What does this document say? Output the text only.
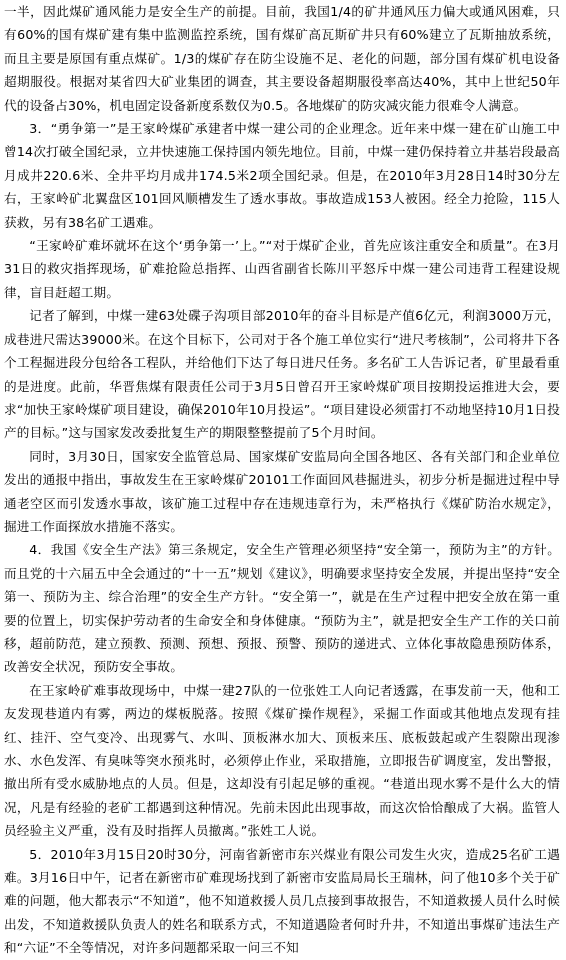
一半，因此煤矿通风能力是安全生产的前提。目前，我国1/4的矿井通风压力偏大或通风困难，只有60%的国有煤矿建有集中监测监控系统，国有煤矿高瓦斯矿井只有60%建立了瓦斯抽放系统，而且主要是原国有重点煤矿。1/3的煤矿存在防尘设施不足、老化的问题，部分国有煤矿机电设备超期服役。根据对某省四大矿业集团的调查，其主要设备超期服役率高达40%，其中上世纪50年代的设备占30%，机电固定设备新度系数仅为0.5。各地煤矿的防灾减灾能力很难令人满意。

3．“勇争第一”是王家岭煤矿承建者中煤一建公司的企业理念。近年来中煤一建在矿山施工中曾14次打破全国纪录，立井快速施工保持国内领先地位。目前，中煤一建仍保持着立井基岩段最高月成井220.6米、全井平均月成井174.5米2项全国纪录。但是，在2010年3月28日14时30分左右，王家岭矿北翼盘区101回风顺槽发生了透水事故。事故造成153人被困。经全力抢险，115人获救，另有38名矿工遇难。

“王家岭矿难坏就坏在这个‘勇争第一’上。”“对于煤矿企业，首先应该注重安全和质量”。在3月31日的救灾指挥现场，矿难抢险总指挥、山西省副省长陈川平怒斥中煤一建公司违背工程建设规律，盲目赶超工期。

记者了解到，中煤一建63处碟子沟项目部2010年的奋斗目标是产值6亿元，利润3000万元，成巷进尺需达39000米。在这个目标下，公司对于各个施工单位实行“进尺考核制”，公司将井下各个工程掘进段分包给各工程队，并给他们下达了每日进尺任务。多名矿工人告诉记者，矿里最看重的是进度。此前，华晋焦煤有限责任公司于3月5日曾召开王家岭煤矿项目按期投运推进大会，要求“加快王家岭煤矿项目建设，确保2010年10月投运”。“项目建设必须雷打不动地坚持10月1日投产的目标。”这与国家发改委批复生产的期限整整提前了5个月时间。

同时，3月30日，国家安全监管总局、国家煤矿安监局向全国各地区、各有关部门和企业单位发出的通报中指出，事故发生在王家岭煤矿20101工作面回风巷掘进头，初步分析是掘进过程中导通老空区而引发透水事故，该矿施工过程中存在违规违章行为，未严格执行《煤矿防治水规定》，掘进工作面探放水措施不落实。

4．我国《安全生产法》第三条规定，安全生产管理必须坚持“安全第一，预防为主”的方针。而且党的十六届五中全会通过的“十一五”规划《建议》，明确要求坚持安全发展，并提出坚持“安全第一、预防为主、综合治理”的安全生产方针。“安全第一”，就是在生产过程中把安全放在第一重要的位置上，切实保护劳动者的生命安全和身体健康。“预防为主”，就是把安全生产工作的关口前移，超前防范，建立预教、预测、预想、预报、预警、预防的递进式、立体化事故隐患预防体系，改善安全状况，预防安全事故。

在王家岭矿难事故现场中，中煤一建27队的一位张姓工人向记者透露，在事发前一天，他和工友发现巷道内有雾，两边的煤板脱落。按照《煤矿操作规程》，采掘工作面或其他地点发现有挂红、挂汗、空气变冷、出现雾气、水叫、顶板淋水加大、顶板来压、底板鼓起或产生裂隙出现渗水、水色发浑、有臭味等突水预兆时，必须停止作业，采取措施，立即报告矿调度室，发出警报，撤出所有受水威胁地点的人员。但是，这却没有引起足够的重视。“巷道出现水雾不是什么大的情况，凡是有经验的老矿工都遇到这种情况。先前未因此出现事故，而这次恰恰酿成了大祸。监管人员经验主义严重，没有及时指挥人员撤离。”张姓工人说。

5．2010年3月15日20时30分，河南省新密市东兴煤业有限公司发生火灾，造成25名矿工遇难。3月16日中午，记者在新密市矿难现场找到了新密市安监局局长王瑞林，问了他10多个关于矿难的问题，他大都表示“不知道”，他不知道救援人员几点接到事故报告，不知道救援人员什么时候出发，不知道救援队负责人的姓名和联系方式，不知道遇险者何时升井，不知道出事煤矿违法生产和“六证”不全等情况，对许多问题都采取一问三不知
